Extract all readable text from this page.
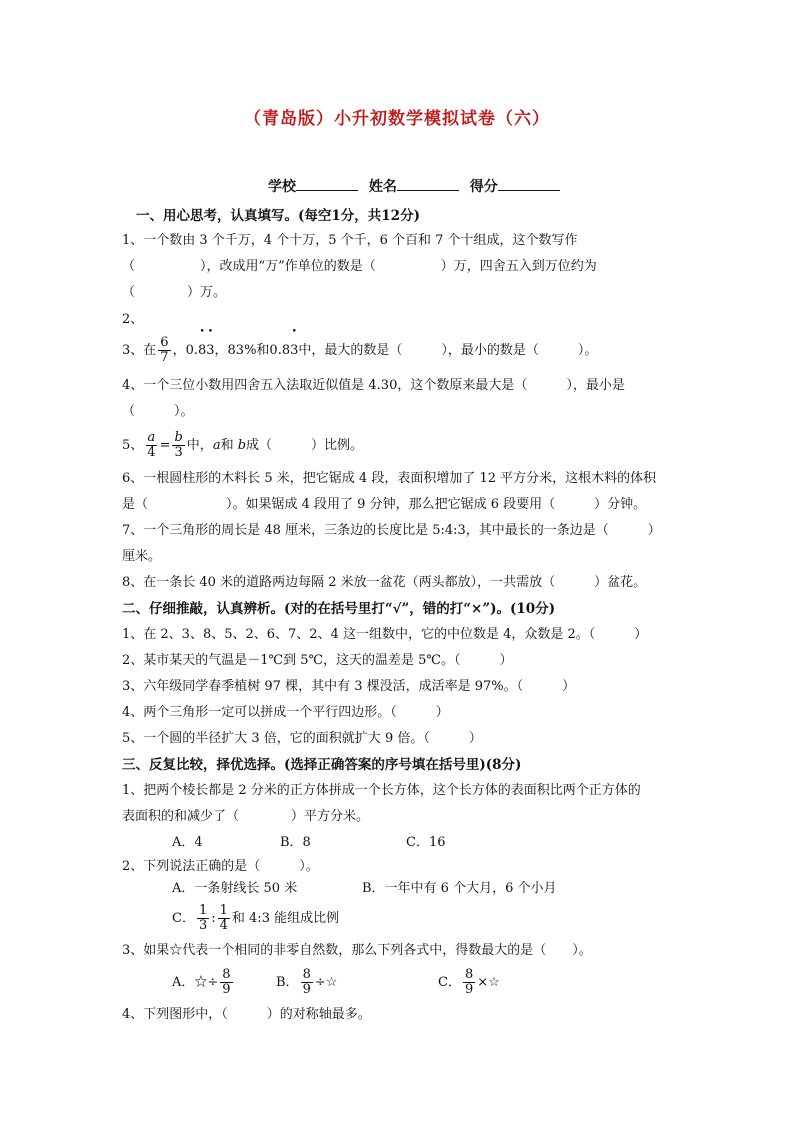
（青岛版）小升初数学模拟试卷（六）
学校	姓名	得分
一、用心思考，认真填写。(每空1分，共12分)
1、一个数由 3 个千万，4 个十万，5 个千，6 个百和 7 个十组成，这个数写作
（　　　　　），改成用“万”作单位的数是（　　　　　）万，四舍五入到万位约为
（　　　　）万。
2、
3、在 $\frac{6}{7}$ ，0.• 8• 3，83%和0.8• 3中，最大的数是（　　　），最小的数是（　　　）。
4、一个三位小数用四舍五入法取近似值是 4.30，这个数原来最大是（　　　），最小是
（　　　）。
5、 $\frac{a}{4} = \frac{b}{3}$ 中，a和 b成（　　　）比例。
6、一根圆柱形的木料长 5 米，把它锯成 4 段，表面积增加了 12 平方分米，这根木料的体积
是（　　　　　　）。如果锯成 4 段用了 9 分钟，那么把它锯成 6 段要用（　　　）分钟。
7、一个三角形的周长是 48 厘米，三条边的长度比是 5:4:3，其中最长的一条边是（　　　）
厘米。
8、在一条长 40 米的道路两边每隔 2 米放一盆花（两头都放），一共需放（　　　）盆花。
二、仔细推敲，认真辨析。(对的在括号里打“√”，错的打“×”)。(10分)
1、在 2、3、8、5、2、6、7、2、4 这一组数中，它的中位数是 4，众数是 2。（　　　）
2、某市某天的气温是－1℃到 5℃，这天的温差是 5℃。（　　　）
3、六年级同学春季植树 97 棵，其中有 3 棵没活，成活率是 97%。（　　　）
4、两个三角形一定可以拼成一个平行四边形。（　　　）
5、一个圆的半径扩大 3 倍，它的面积就扩大 9 倍。（　　　）
三、反复比较，择优选择。(选择正确答案的序号填在括号里)(8分)
1、把两个棱长都是 2 分米的正方体拼成一个长方体，这个长方体的表面积比两个正方体的
表面积的和减少了（　　　　）平方分米。
A．4	B．8	C．16
2、下列说法正确的是（　　　）。
A．一条射线长 50 米	B．一年中有 6 个大月，6 个小月
C． $\frac{1}{3}$ : $\frac{1}{4}$ 和 4:3 能组成比例
3、如果☆代表一个相同的非零自然数，那么下列各式中，得数最大的是（　　）。
A．☆÷ $\frac{8}{9}$	B． $\frac{8}{9}$ ÷☆	C． $\frac{8}{9}$ ×☆
4、下列图形中，（　　　）的对称轴最多。
